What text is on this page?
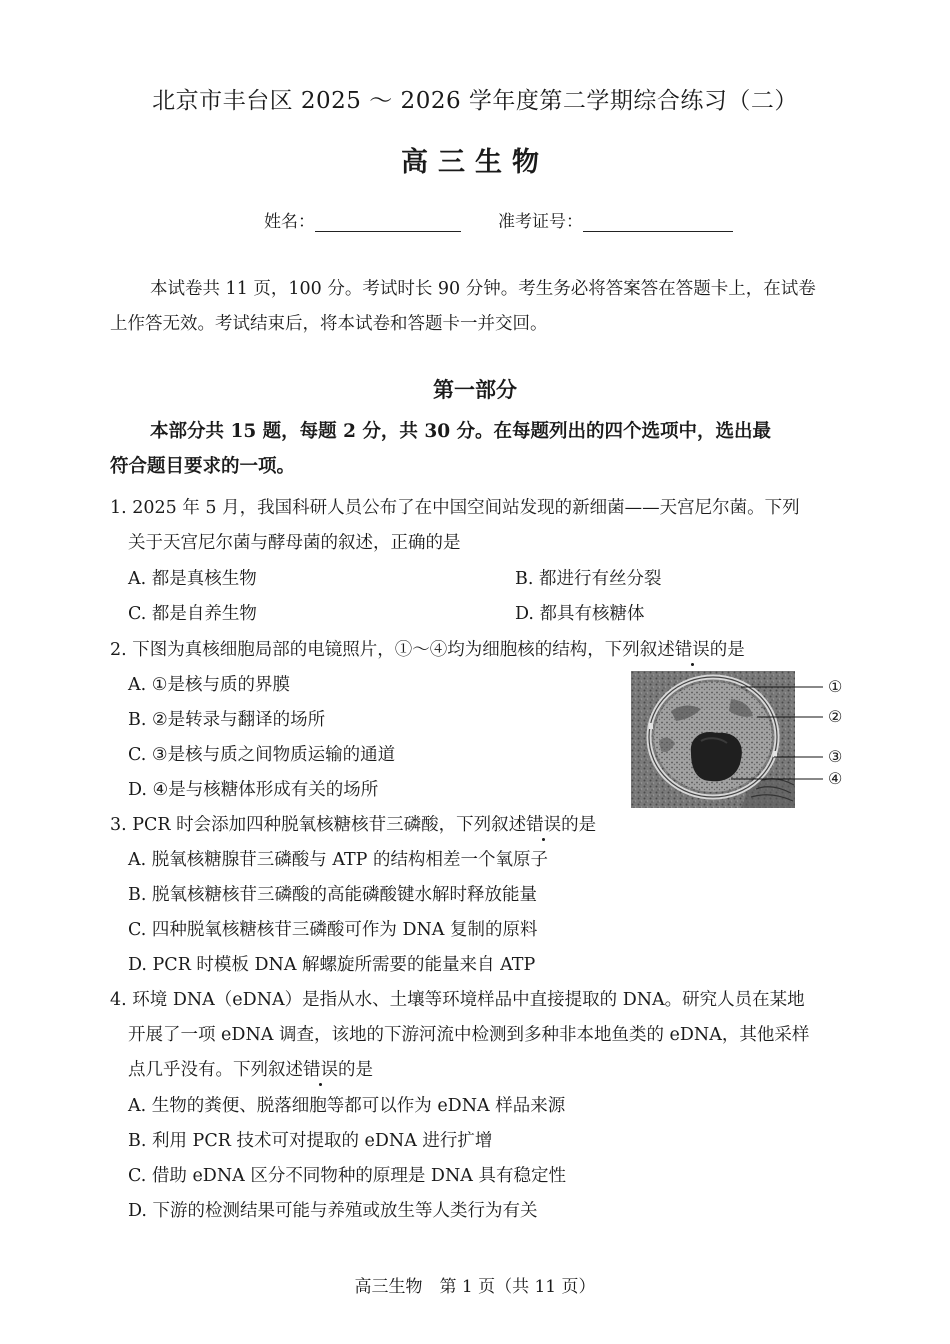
北京市丰台区 2025 ～ 2026 学年度第二学期综合练习（二）
高三生物
姓名：	准考证号：
本试卷共 11 页，100 分。考试时长 90 分钟。考生务必将答案答在答题卡上，在试卷
上作答无效。考试结束后，将本试卷和答题卡一并交回。
第一部分
本部分共 15 题，每题 2 分，共 30 分。在每题列出的四个选项中，选出最
符合题目要求的一项。
1. 2025 年 5 月，我国科研人员公布了在中国空间站发现的新细菌——天宫尼尔菌。下列
关于天宫尼尔菌与酵母菌的叙述，正确的是
A. 都是真核生物	B. 都进行有丝分裂
C. 都是自养生物	D. 都具有核糖体
2. 下图为真核细胞局部的电镜照片，①～④均为细胞核的结构，下列叙述错误的是
A. ①是核与质的界膜
B. ②是转录与翻译的场所
C. ③是核与质之间物质运输的通道
D. ④是与核糖体形成有关的场所
①
②
③
④
3. PCR 时会添加四种脱氧核糖核苷三磷酸，下列叙述错误的是
A. 脱氧核糖腺苷三磷酸与 ATP 的结构相差一个氧原子
B. 脱氧核糖核苷三磷酸的高能磷酸键水解时释放能量
C. 四种脱氧核糖核苷三磷酸可作为 DNA 复制的原料
D. PCR 时模板 DNA 解螺旋所需要的能量来自 ATP
4. 环境 DNA（eDNA）是指从水、土壤等环境样品中直接提取的 DNA。研究人员在某地
开展了一项 eDNA 调查，该地的下游河流中检测到多种非本地鱼类的 eDNA，其他采样
点几乎没有。下列叙述错误的是
A. 生物的粪便、脱落细胞等都可以作为 eDNA 样品来源
B. 利用 PCR 技术可对提取的 eDNA 进行扩增
C. 借助 eDNA 区分不同物种的原理是 DNA 具有稳定性
D. 下游的检测结果可能与养殖或放生等人类行为有关
高三生物　第 1 页（共 11 页）
